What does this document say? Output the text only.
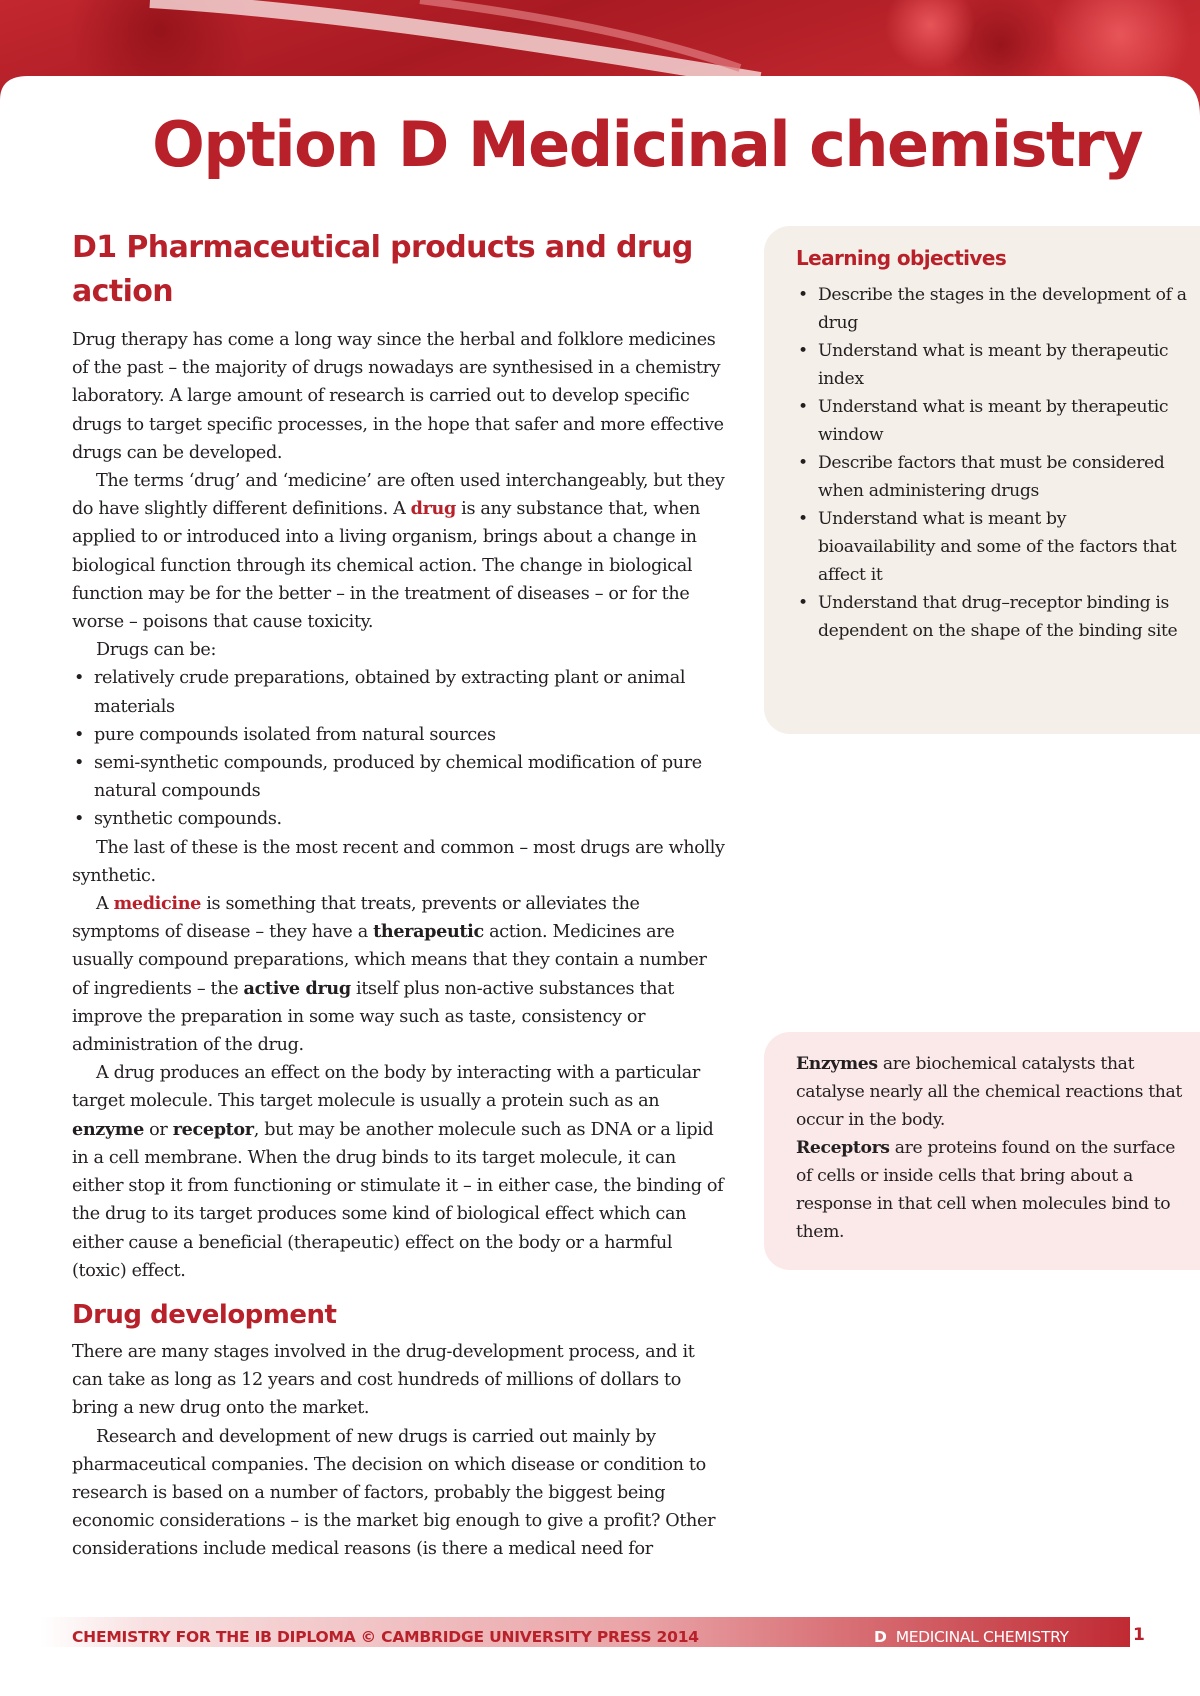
Option D Medicinal chemistry
D1 Pharmaceutical products and drug action

Drug therapy has come a long way since the herbal and folklore medicines of the past – the majority of drugs nowadays are synthesised in a chemistry laboratory. A large amount of research is carried out to develop specific drugs to target specific processes, in the hope that safer and more effective drugs can be developed.

The terms ‘drug’ and ‘medicine’ are often used interchangeably, but they do have slightly different definitions. A drug is any substance that, when applied to or introduced into a living organism, brings about a change in biological function through its chemical action. The change in biological function may be for the better – in the treatment of diseases – or for the worse – poisons that cause toxicity.

Drugs can be:

• relatively crude preparations, obtained by extracting plant or animal materials
• pure compounds isolated from natural sources
• semi-synthetic compounds, produced by chemical modification of pure natural compounds
• synthetic compounds.

The last of these is the most recent and common – most drugs are wholly synthetic.

A medicine is something that treats, prevents or alleviates the symptoms of disease – they have a therapeutic action. Medicines are usually compound preparations, which means that they contain a number of ingredients – the active drug itself plus non-active substances that improve the preparation in some way such as taste, consistency or administration of the drug.

A drug produces an effect on the body by interacting with a particular target molecule. This target molecule is usually a protein such as an enzyme or receptor, but may be another molecule such as DNA or a lipid in a cell membrane. When the drug binds to its target molecule, it can either stop it from functioning or stimulate it – in either case, the binding of the drug to its target produces some kind of biological effect which can either cause a beneficial (therapeutic) effect on the body or a harmful (toxic) effect.

Drug development

There are many stages involved in the drug-development process, and it can take as long as 12 years and cost hundreds of millions of dollars to bring a new drug onto the market.

Research and development of new drugs is carried out mainly by pharmaceutical companies. The decision on which disease or condition to research is based on a number of factors, probably the biggest being economic considerations – is the market big enough to give a profit? Other considerations include medical reasons (is there a medical need for

Learning objectives
• Describe the stages in the development of a drug
• Understand what is meant by therapeutic index
• Understand what is meant by therapeutic window
• Describe factors that must be considered when administering drugs
• Understand what is meant by bioavailability and some of the factors that affect it
• Understand that drug–receptor binding is dependent on the shape of the binding site

Enzymes are biochemical catalysts that catalyse nearly all the chemical reactions that occur in the body.

Receptors are proteins found on the surface of cells or inside cells that bring about a response in that cell when molecules bind to them.

CHEMISTRY FOR THE IB DIPLOMA © CAMBRIDGE UNIVERSITY PRESS 2014	D MEDICINAL CHEMISTRY	1
